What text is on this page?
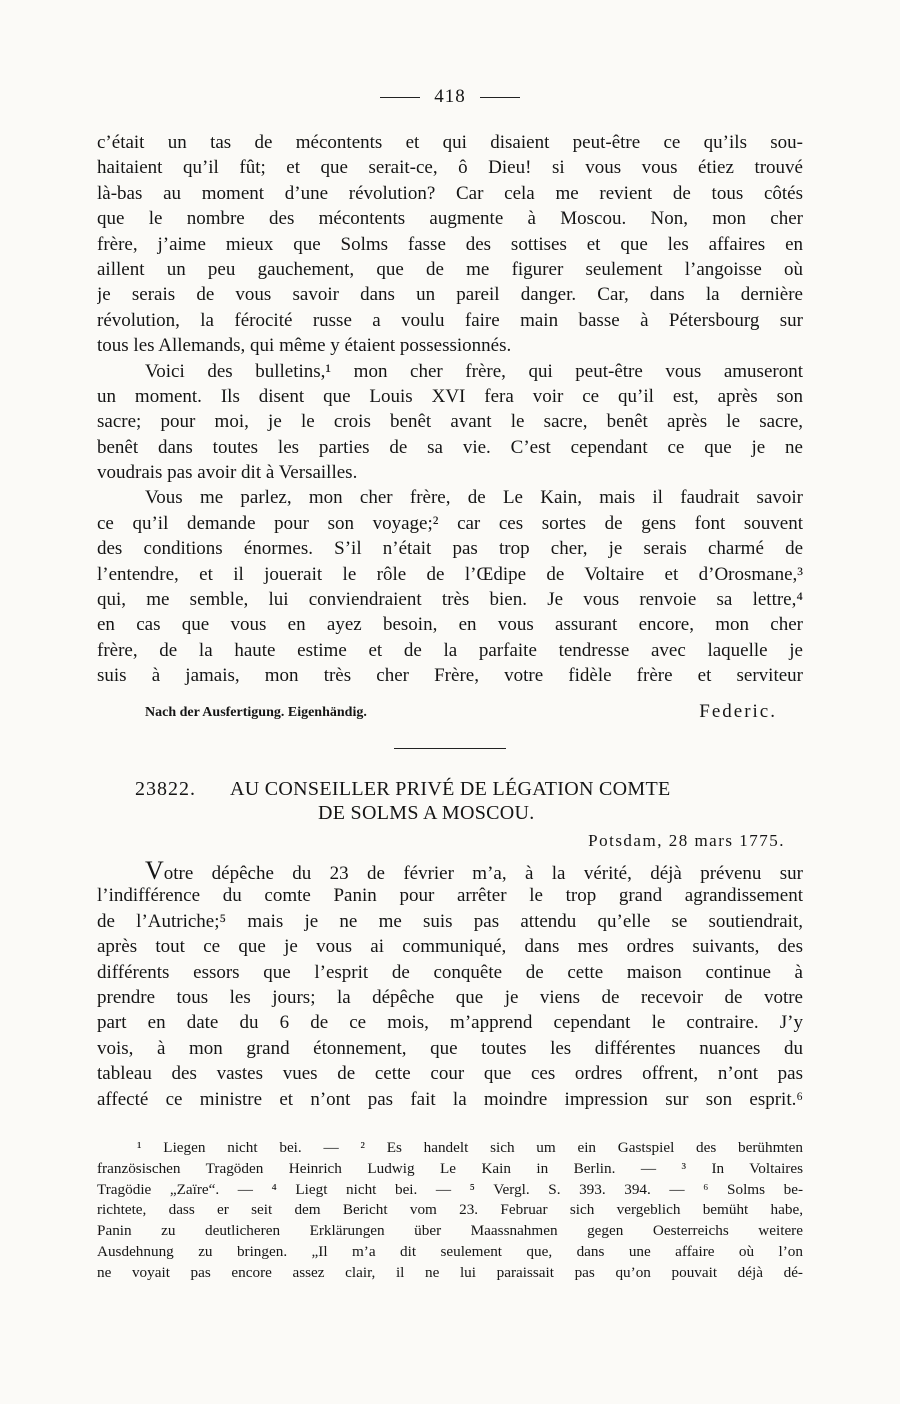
418
c’était un tas de mécontents et qui disaient peut-être ce qu’ils sou-
haitaient qu’il fût; et que serait-ce, ô Dieu! si vous vous étiez trouvé
là-bas au moment d’une révolution? Car cela me revient de tous côtés
que le nombre des mécontents augmente à Moscou. Non, mon cher
frère, j’aime mieux que Solms fasse des sottises et que les affaires en
aillent un peu gauchement, que de me figurer seulement l’angoisse où
je serais de vous savoir dans un pareil danger. Car, dans la dernière
révolution, la férocité russe a voulu faire main basse à Pétersbourg sur
tous les Allemands, qui même y étaient possessionnés.
Voici des bulletins,¹ mon cher frère, qui peut-être vous amuseront
un moment. Ils disent que Louis XVI fera voir ce qu’il est, après son
sacre; pour moi, je le crois benêt avant le sacre, benêt après le sacre,
benêt dans toutes les parties de sa vie. C’est cependant ce que je ne
voudrais pas avoir dit à Versailles.
Vous me parlez, mon cher frère, de Le Kain, mais il faudrait savoir
ce qu’il demande pour son voyage;² car ces sortes de gens font souvent
des conditions énormes. S’il n’était pas trop cher, je serais charmé de
l’entendre, et il jouerait le rôle de l’Œdipe de Voltaire et d’Orosmane,³
qui, me semble, lui conviendraient très bien. Je vous renvoie sa lettre,⁴
en cas que vous en ayez besoin, en vous assurant encore, mon cher
frère, de la haute estime et de la parfaite tendresse avec laquelle je
suis à jamais, mon très cher Frère, votre fidèle frère et serviteur
Nach der Ausfertigung. Eigenhändig.	Federic.
23822. AU CONSEILLER PRIVÉ DE LÉGATION COMTE
DE SOLMS A MOSCOU.
Potsdam, 28 mars 1775.
Votre dépêche du 23 de février m’a, à la vérité, déjà prévenu sur
l’indifférence du comte Panin pour arrêter le trop grand agrandissement
de l’Autriche;⁵ mais je ne me suis pas attendu qu’elle se soutiendrait,
après tout ce que je vous ai communiqué, dans mes ordres suivants, des
différents essors que l’esprit de conquête de cette maison continue à
prendre tous les jours; la dépêche que je viens de recevoir de votre
part en date du 6 de ce mois, m’apprend cependant le contraire. J’y
vois, à mon grand étonnement, que toutes les différentes nuances du
tableau des vastes vues de cette cour que ces ordres offrent, n’ont pas
affecté ce ministre et n’ont pas fait la moindre impression sur son esprit.⁶
¹ Liegen nicht bei. — ² Es handelt sich um ein Gastspiel des berühmten
französischen Tragöden Heinrich Ludwig Le Kain in Berlin. — ³ In Voltaires
Tragödie „Zaïre“. — ⁴ Liegt nicht bei. — ⁵ Vergl. S. 393. 394. — ⁶ Solms be-
richtete, dass er seit dem Bericht vom 23. Februar sich vergeblich bemüht habe,
Panin zu deutlicheren Erklärungen über Maassnahmen gegen Oesterreichs weitere
Ausdehnung zu bringen. „Il m’a dit seulement que, dans une affaire où l’on
ne voyait pas encore assez clair, il ne lui paraissait pas qu’on pouvait déjà dé-
